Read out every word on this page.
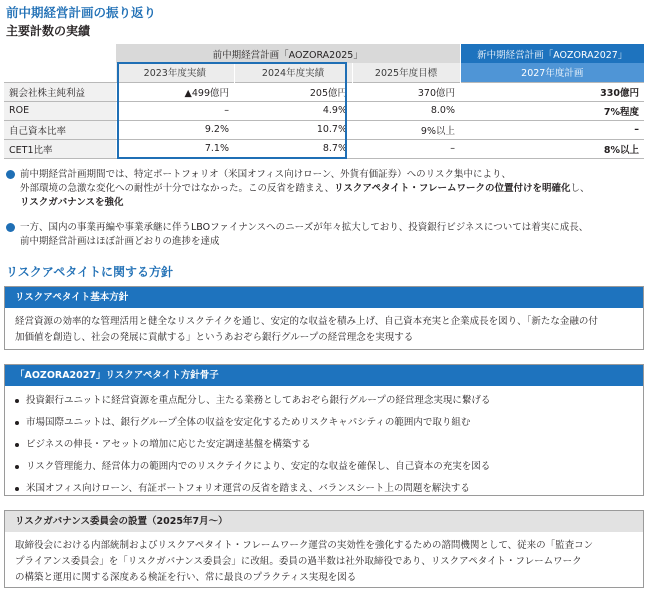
前中期経営計画の振り返り
主要計数の実績
	前中期経営計画「AOZORA2025」			新中期経営計画「AOZORA2027」
	2023年度実績	2024年度実績	2025年度目標	2027年度計画
親会社株主純利益	▲499億円	205億円	370億円	330億円
ROE	–	4.9%	8.0%	7%程度
自己資本比率	9.2%	10.7%	9%以上	–
CET1比率	7.1%	8.7%	–	8%以上
前中期経営計画期間では、特定ポートフォリオ（米国オフィス向けローン、外貨有価証券）へのリスク集中により、
外部環境の急激な変化への耐性が十分ではなかった。この反省を踏まえ、リスクアペタイト・フレームワークの位置付けを明確化し、
リスクガバナンスを強化
一方、国内の事業再編や事業承継に伴うLBOファイナンスへのニーズが年々拡大しており、投資銀行ビジネスについては着実に成長、
前中期経営計画はほぼ計画どおりの進捗を達成
リスクアペタイトに関する方針
リスクアペタイト基本方針
経営資源の効率的な管理活用と健全なリスクテイクを通じ、安定的な収益を積み上げ、自己資本充実と企業成長を図り、「新たな金融の付
加価値を創造し、社会の発展に貢献する」というあおぞら銀行グループの経営理念を実現する
「AOZORA2027」リスクアペタイト方針骨子
投資銀行ユニットに経営資源を重点配分し、主たる業務としてあおぞら銀行グループの経営理念実現に繋げる
市場国際ユニットは、銀行グループ全体の収益を安定化するためリスクキャパシティの範囲内で取り組む
ビジネスの伸長・アセットの増加に応じた安定調達基盤を構築する
リスク管理能力、経営体力の範囲内でのリスクテイクにより、安定的な収益を確保し、自己資本の充実を図る
米国オフィス向けローン、有証ポートフォリオ運営の反省を踏まえ、バランスシート上の問題を解決する
リスクガバナンス委員会の設置（2025年7月〜）
取締役会における内部統制およびリスクアペタイト・フレームワーク運営の実効性を強化するための諮問機関として、従来の「監査コン
プライアンス委員会」を「リスクガバナンス委員会」に改組。委員の過半数は社外取締役であり、リスクアペタイト・フレームワーク
の構築と運用に関する深度ある検証を行い、常に最良のプラクティス実現を図る
